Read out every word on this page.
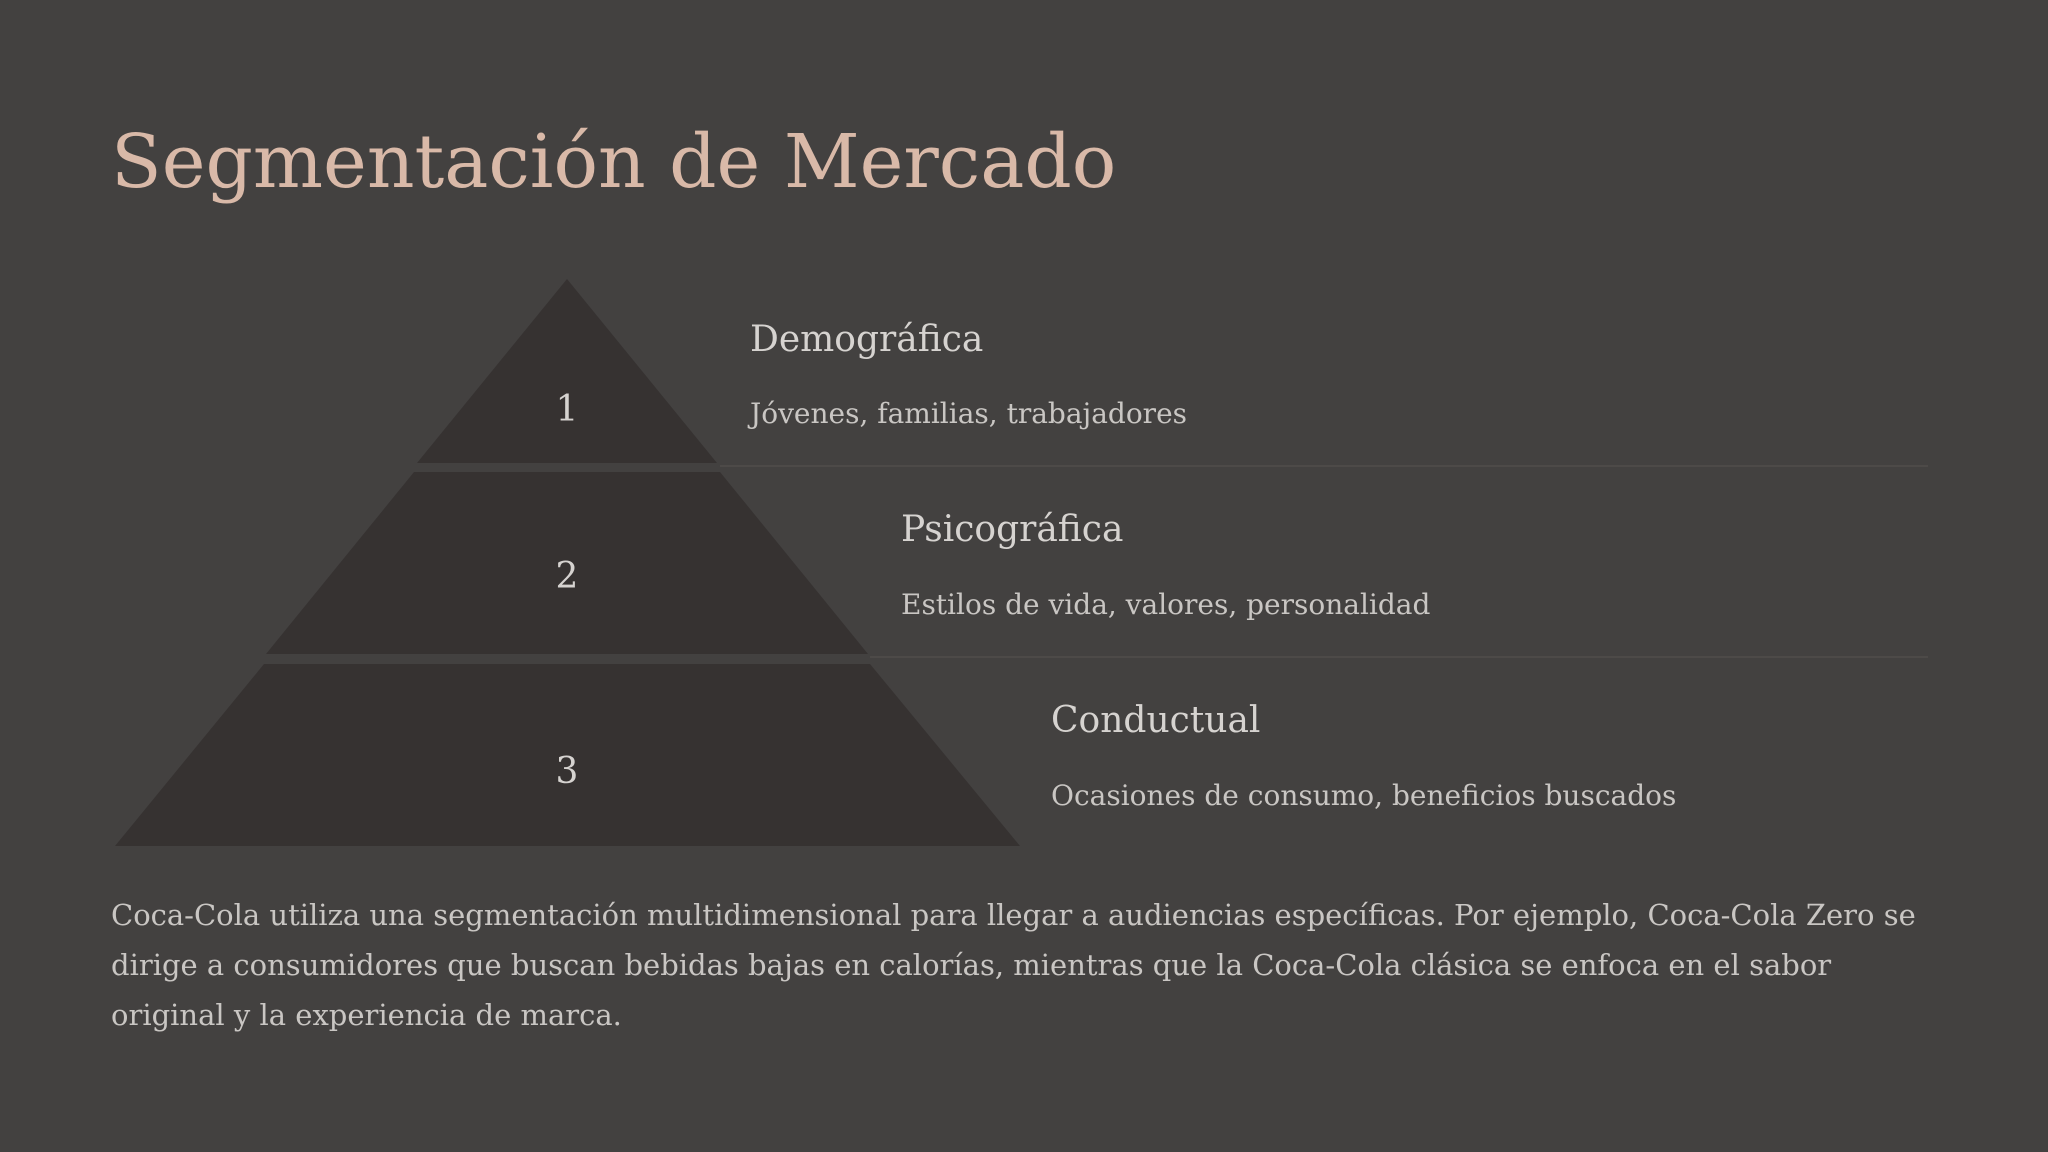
Segmentación de Mercado
1
2
3
Demográfica
Jóvenes, familias, trabajadores
Psicográfica
Estilos de vida, valores, personalidad
Conductual
Ocasiones de consumo, beneficios buscados

Coca-Cola utiliza una segmentación multidimensional para llegar a audiencias específicas. Por ejemplo, Coca-Cola Zero se dirige a consumidores que buscan bebidas bajas en calorías, mientras que la Coca-Cola clásica se enfoca en el sabor original y la experiencia de marca.
